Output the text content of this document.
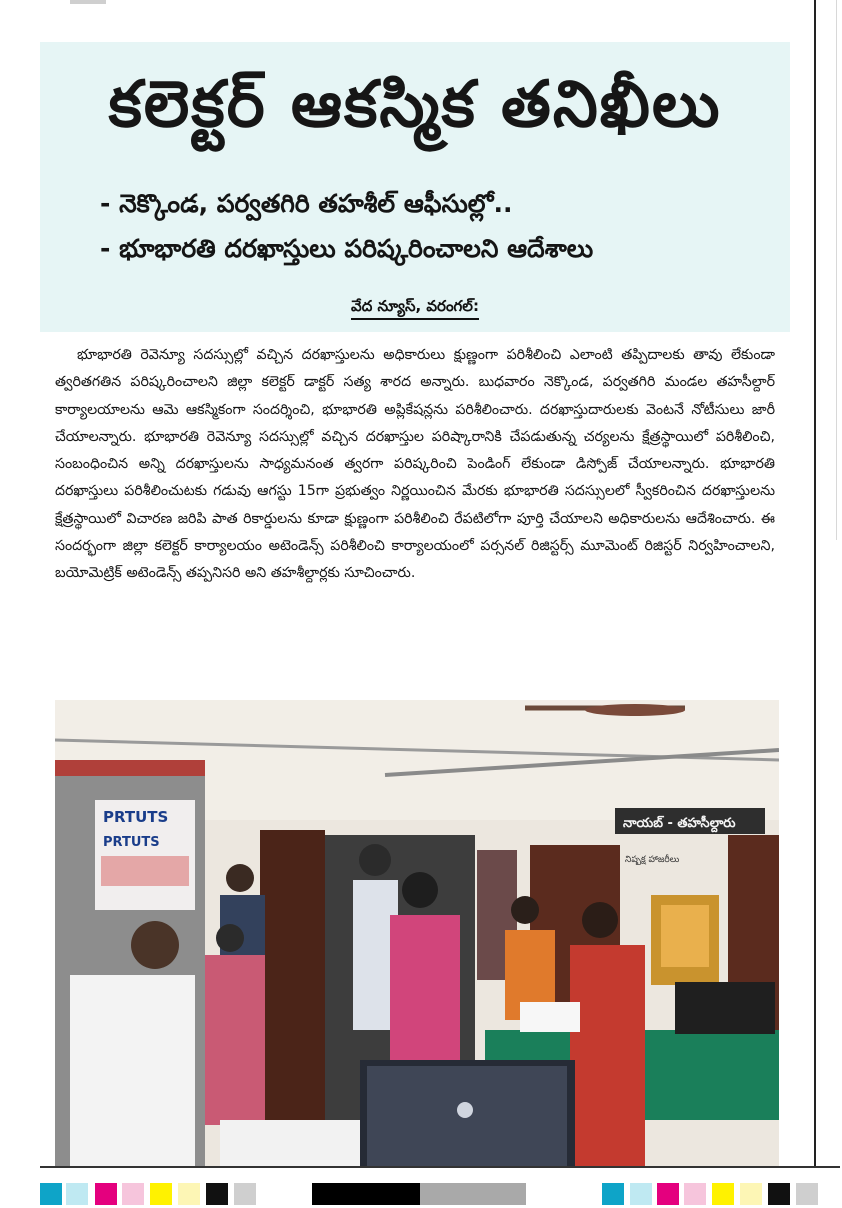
కలెక్టర్ ఆకస్మిక తనిఖీలు
- నెక్కొండ, పర్వతగిరి తహశీల్ ఆఫీసుల్లో..
- భూభారతి దరఖాస్తులు పరిష్కరించాలని ఆదేశాలు
వేద న్యూస్, వరంగల్:
భూభారతి రెవెన్యూ సదస్సుల్లో వచ్చిన దరఖాస్తులను అధికారులు క్షుణ్ణంగా పరిశీలించి ఎలాంటి తప్పిదాలకు తావు లేకుండా త్వరితగతిన పరిష్కరించాలని జిల్లా కలెక్టర్ డాక్టర్ సత్య శారద అన్నారు. బుధవారం నెక్కొండ, పర్వతగిరి మండల తహసీల్దార్ కార్యాలయాలను ఆమె ఆకస్మికంగా సందర్శించి, భూభారతి అప్లికేషన్లను పరిశీలించారు. దరఖాస్తుదారులకు వెంటనే నోటీసులు జారీ చేయాలన్నారు. భూభారతి రెవెన్యూ సదస్సుల్లో వచ్చిన దరఖాస్తుల పరిష్కారానికి చేపడుతున్న చర్యలను క్షేత్రస్థాయిలో పరిశీలించి, సంబంధించిన అన్ని దరఖాస్తులను సాధ్యమనంత త్వరగా పరిష్కరించి పెండింగ్ లేకుండా డిస్పోజ్ చేయాలన్నారు. భూభారతి దరఖాస్తులు పరిశీలించుటకు గడువు ఆగస్టు 15గా ప్రభుత్వం నిర్ణయించిన మేరకు భూభారతి సదస్సులలో స్వీకరించిన దరఖాస్తులను క్షేత్రస్థాయిలో విచారణ జరిపి పాత రికార్డులను కూడా క్షుణ్ణంగా పరిశీలించి రేపటిలోగా పూర్తి చేయాలని అధికారులను ఆదేశించారు. ఈ సందర్భంగా జిల్లా కలెక్టర్ కార్యాలయం అటెండెన్స్ పరిశీలించి కార్యాలయంలో పర్సనల్ రిజిస్టర్స్ మూమెంట్ రిజిస్టర్ నిర్వహించాలని, బయోమెట్రిక్ అటెండెన్స్ తప్పనిసరి అని తహశీల్దార్లకు సూచించారు.
PRTUTS
PRTUTS
నాయబ్ - తహసీల్దారు
నిష్పక్ష హాజరీలు
